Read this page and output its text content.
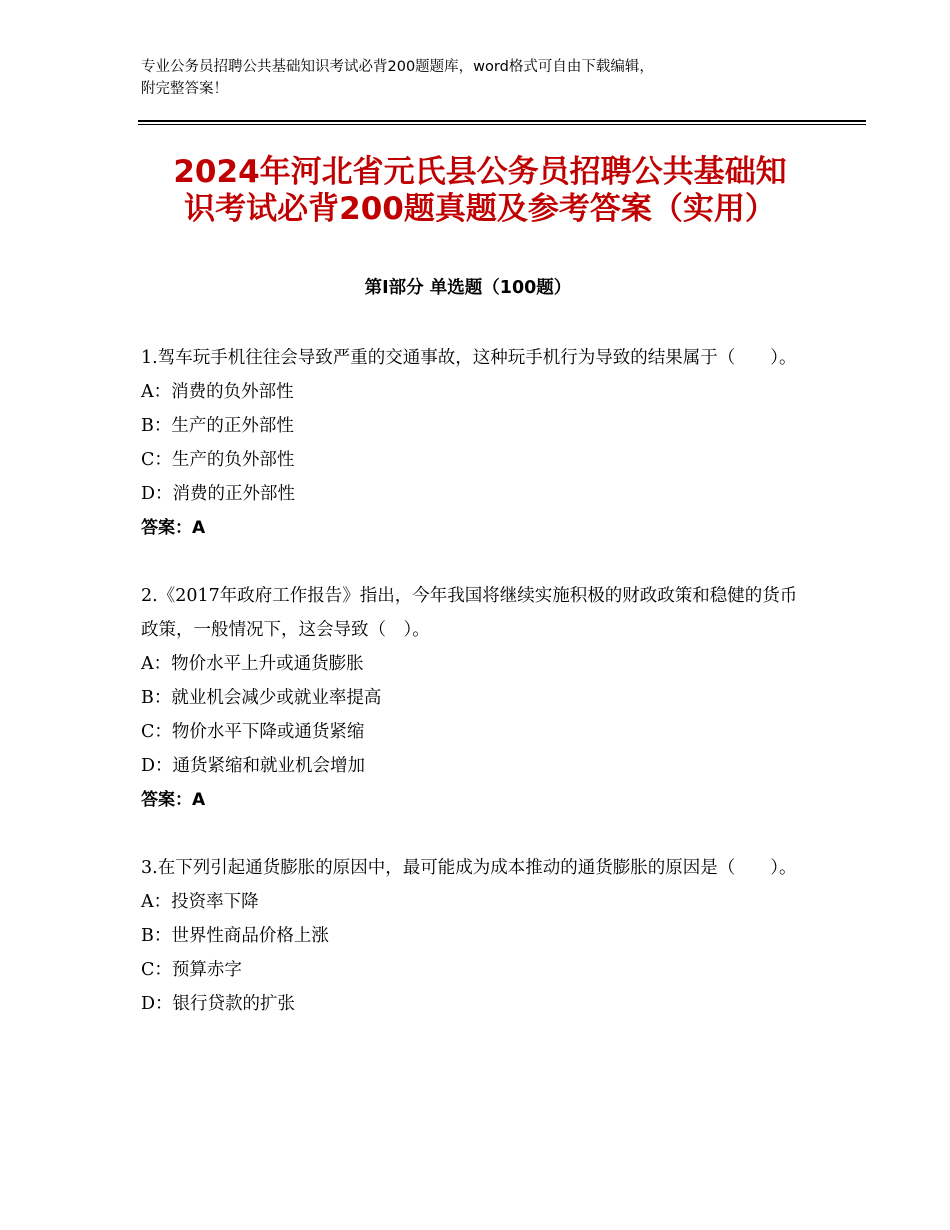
专业公务员招聘公共基础知识考试必背200题题库，word格式可自由下载编辑，
附完整答案！
2024年河北省元氏县公务员招聘公共基础知
识考试必背200题真题及参考答案（实用）
第Ⅰ部分 单选题（100题）
1.驾车玩手机往往会导致严重的交通事故，这种玩手机行为导致的结果属于（　　）。
A：消费的负外部性
B：生产的正外部性
C：生产的负外部性
D：消费的正外部性
答案：A
2.《2017年政府工作报告》指出，今年我国将继续实施积极的财政政策和稳健的货币政策，一般情况下，这会导致（　）。
A：物价水平上升或通货膨胀
B：就业机会减少或就业率提高
C：物价水平下降或通货紧缩
D：通货紧缩和就业机会增加
答案：A
3.在下列引起通货膨胀的原因中，最可能成为成本推动的通货膨胀的原因是（　　）。
A：投资率下降
B：世界性商品价格上涨
C：预算赤字
D：银行贷款的扩张
